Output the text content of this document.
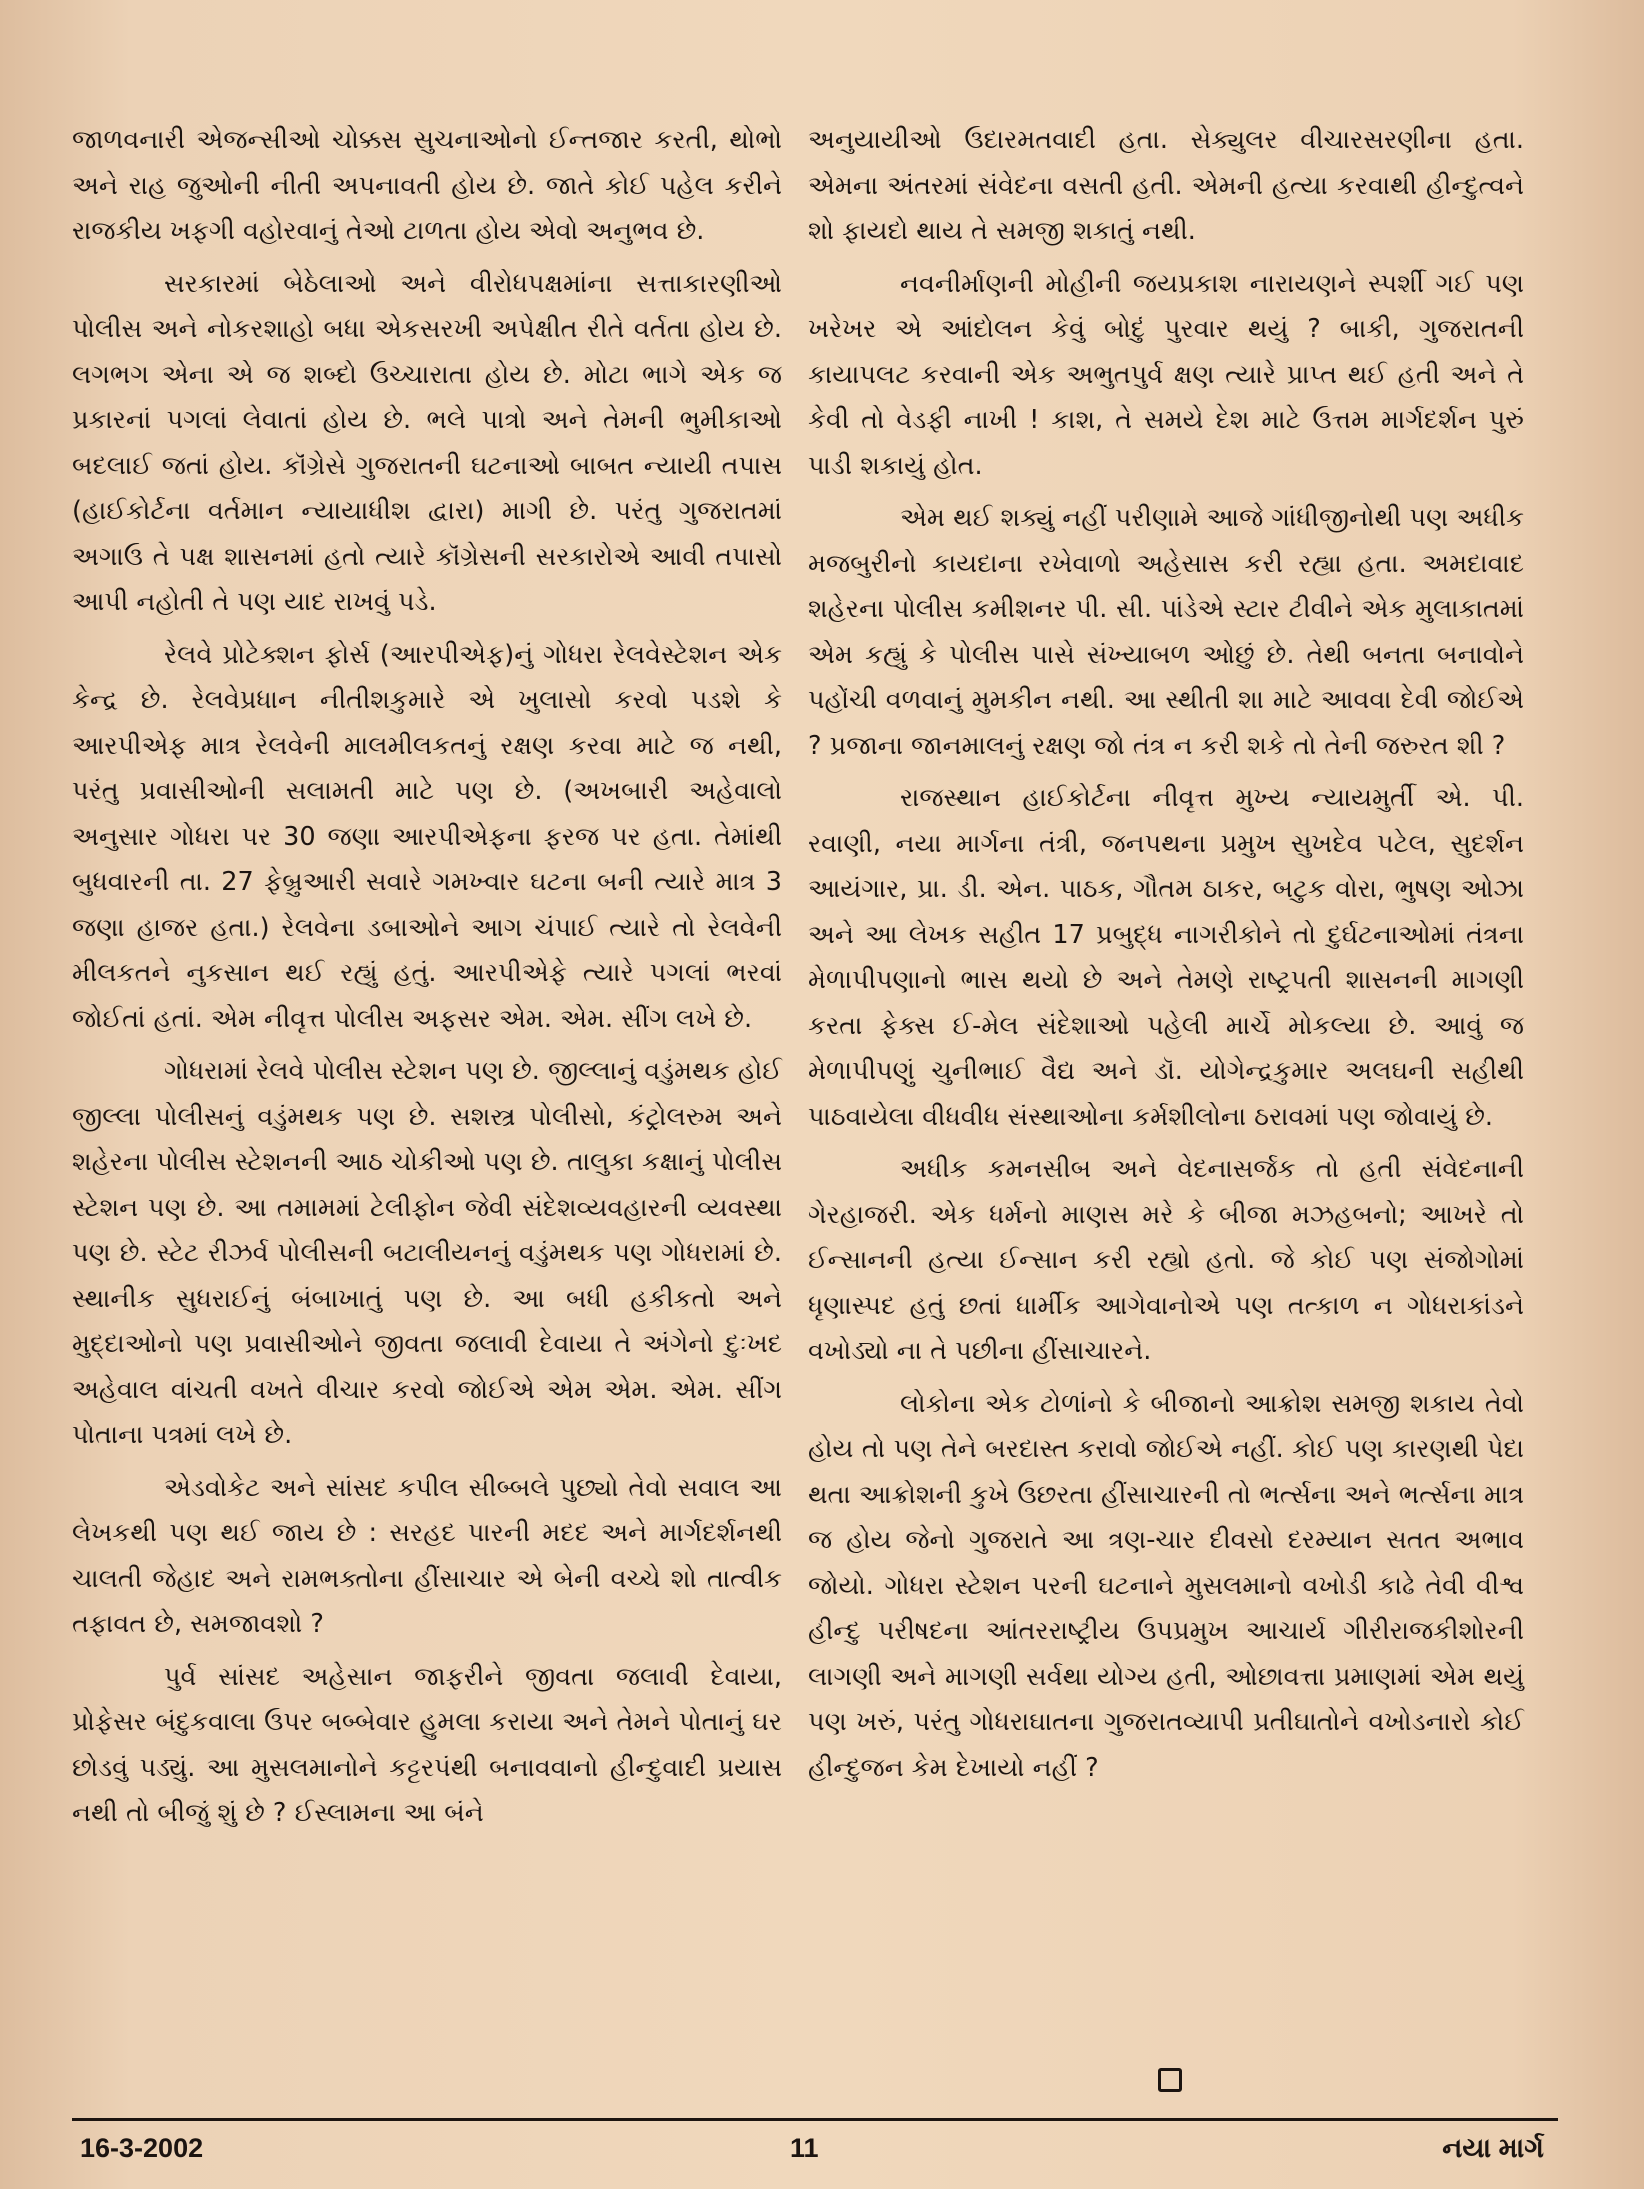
જાળવનારી એજન્સીઓ ચોક્કસ સુચનાઓનો ઈન્તજાર કરતી, થોભો અને રાહ જુઓની નીતી અપનાવતી હોય છે. જાતે કોઈ પહેલ કરીને રાજકીય ખફગી વહોરવાનું તેઓ ટાળતા હોય એવો અનુભવ છે.

સરકારમાં બેઠેલાઓ અને વીરોધપક્ષમાંના સત્તાકારણીઓ પોલીસ અને નોકરશાહો બધા એકસરખી અપેક્ષીત રીતે વર્તતા હોય છે. લગભગ એના એ જ શબ્દો ઉચ્ચારાતા હોય છે. મોટા ભાગે એક જ પ્રકારનાં પગલાં લેવાતાં હોય છે. ભલે પાત્રો અને તેમની ભુમીકાઓ બદલાઈ જતાં હોય. કૉંગ્રેસે ગુજરાતની ઘટનાઓ બાબત ન્યાયી તપાસ (હાઈકોર્ટના વર્તમાન ન્યાયાધીશ દ્વારા) માગી છે. પરંતુ ગુજરાતમાં અગાઉ તે પક્ષ શાસનમાં હતો ત્યારે કૉંગ્રેસની સરકારોએ આવી તપાસો આપી નહોતી તે પણ યાદ રાખવું પડે.

રેલવે પ્રોટેક્શન ફોર્સ (આરપીએફ)નું ગોધરા રેલવેસ્ટેશન એક કેન્દ્ર છે. રેલવેપ્રધાન નીતીશકુમારે એ ખુલાસો કરવો પડશે કે આરપીએફ માત્ર રેલવેની માલમીલકતનું રક્ષણ કરવા માટે જ નથી, પરંતુ પ્રવાસીઓની સલામતી માટે પણ છે. (અખબારી અહેવાલો અનુસાર ગોધરા પર 30 જણા આરપીએફના ફરજ પર હતા. તેમાંથી બુધવારની તા. 27 ફેબ્રુઆરી સવારે ગમખ્વાર ઘટના બની ત્યારે માત્ર 3 જણા હાજર હતા.) રેલવેના ડબાઓને આગ ચંપાઈ ત્યારે તો રેલવેની મીલકતને નુકસાન થઈ રહ્યું હતું. આરપીએફે ત્યારે પગલાં ભરવાં જોઈતાં હતાં. એમ નીવૃત્ત પોલીસ અફસર એમ. એમ. સીંગ લખે છે.

ગોધરામાં રેલવે પોલીસ સ્ટેશન પણ છે. જીલ્લાનું વડુંમથક હોઈ જીલ્લા પોલીસનું વડુંમથક પણ છે. સશસ્ત્ર પોલીસો, કંટ્રોલરુમ અને શહેરના પોલીસ સ્ટેશનની આઠ ચોકીઓ પણ છે. તાલુકા કક્ષાનું પોલીસ સ્ટેશન પણ છે. આ તમામમાં ટેલીફોન જેવી સંદેશવ્યવહારની વ્યવસ્થા પણ છે. સ્ટેટ રીઝર્વ પોલીસની બટાલીયનનું વડુંમથક પણ ગોધરામાં છે. સ્થાનીક સુધરાઈનું બંબાખાતું પણ છે. આ બધી હકીકતો અને મુદ્દાઓનો પણ પ્રવાસીઓને જીવતા જલાવી દેવાયા તે અંગેનો દુઃખદ અહેવાલ વાંચતી વખતે વીચાર કરવો જોઈએ એમ એમ. એમ. સીંગ પોતાના પત્રમાં લખે છે.

એડવોકેટ અને સાંસદ કપીલ સીબ્બલે પુછ્યો તેવો સવાલ આ લેખકથી પણ થઈ જાય છે : સરહદ પારની મદદ અને માર્ગદર્શનથી ચાલતી જેહાદ અને રામભક્તોના હીંસાચાર એ બેની વચ્ચે શો તાત્વીક તફાવત છે, સમજાવશો ?

પુર્વ સાંસદ અહેસાન જાફરીને જીવતા જલાવી દેવાયા, પ્રોફેસર બંદુકવાલા ઉપર બબ્બેવાર હુમલા કરાયા અને તેમને પોતાનું ઘર છોડવું પડ્યું. આ મુસલમાનોને કટ્ટરપંથી બનાવવાનો હીન્દુવાદી પ્રયાસ નથી તો બીજું શું છે ? ઈસ્લામના આ બંને

અનુયાયીઓ ઉદારમતવાદી હતા. સેક્યુલર વીચારસરણીના હતા. એમના અંતરમાં સંવેદના વસતી હતી. એમની હત્યા કરવાથી હીન્દુત્વને શો ફાયદો થાય તે સમજી શકાતું નથી.

નવનીર્માણની મોહીની જયપ્રકાશ નારાયણને સ્પર્શી ગઈ પણ ખરેખર એ આંદોલન કેવું બોદું પુરવાર થયું ? બાકી, ગુજરાતની કાયાપલટ કરવાની એક અભુતપુર્વ ક્ષણ ત્યારે પ્રાપ્ત થઈ હતી અને તે કેવી તો વેડફી નાખી ! કાશ, તે સમયે દેશ માટે ઉત્તમ માર્ગદર્શન પુરું પાડી શકાયું હોત.

એમ થઈ શક્યું નહીં પરીણામે આજે ગાંધીજીનોથી પણ અધીક મજબુરીનો કાયદાના રખેવાળો અહેસાસ કરી રહ્યા હતા. અમદાવાદ શહેરના પોલીસ કમીશનર પી. સી. પાંડેએ સ્ટાર ટીવીને એક મુલાકાતમાં એમ કહ્યું કે પોલીસ પાસે સંખ્યાબળ ઓછું છે. તેથી બનતા બનાવોને પહોંચી વળવાનું મુમકીન નથી. આ સ્થીતી શા માટે આવવા દેવી જોઈએ ? પ્રજાના જાનમાલનું રક્ષણ જો તંત્ર ન કરી શકે તો તેની જરુરત શી ?

રાજસ્થાન હાઈકોર્ટના નીવૃત્ત મુખ્ય ન્યાયમુર્તી એ. પી. રવાણી, નયા માર્ગના તંત્રી, જનપથના પ્રમુખ સુખદેવ પટેલ, સુદર્શન આયંગાર, પ્રા. ડી. એન. પાઠક, ગૌતમ ઠાકર, બટુક વોરા, ભુષણ ઓઝા અને આ લેખક સહીત 17 પ્રબુદ્ધ નાગરીકોને તો દુર્ઘટનાઓમાં તંત્રના મેળાપીપણાનો ભાસ થયો છે અને તેમણે રાષ્ટ્રપતી શાસનની માગણી કરતા ફેક્સ ઈ-મેલ સંદેશાઓ પહેલી માર્ચે મોકલ્યા છે. આવું જ મેળાપીપણું ચુનીભાઈ વૈદ્ય અને ડૉ. યોગેન્દ્રકુમાર અલઘની સહીથી પાઠવાયેલા વીધવીધ સંસ્થાઓના કર્મશીલોના ઠરાવમાં પણ જોવાયું છે.

અધીક કમનસીબ અને વેદનાસર્જક તો હતી સંવેદનાની ગેરહાજરી. એક ધર્મનો માણસ મરે કે બીજા મઝહબનો; આખરે તો ઈન્સાનની હત્યા ઈન્સાન કરી રહ્યો હતો. જે કોઈ પણ સંજોગોમાં ધૃણાસ્પદ હતું છતાં ધાર્મીક આગેવાનોએ પણ તત્કાળ ન ગોધરાકાંડને વખોડ્યો ના તે પછીના હીંસાચારને.

લોકોના એક ટોળાંનો કે બીજાનો આક્રોશ સમજી શકાય તેવો હોય તો પણ તેને બરદાસ્ત કરાવો જોઈએ નહીં. કોઈ પણ કારણથી પેદા થતા આક્રોશની કુખે ઉછરતા હીંસાચારની તો ભર્ત્સના અને ભર્ત્સના માત્ર જ હોય જેનો ગુજરાતે આ ત્રણ-ચાર દીવસો દરમ્યાન સતત અભાવ જોયો. ગોધરા સ્ટેશન પરની ઘટનાને મુસલમાનો વખોડી કાઢે તેવી વીશ્વ હીન્દુ પરીષદના આંતરરાષ્ટ્રીય ઉપપ્રમુખ આચાર્ય ગીરીરાજકીશોરની લાગણી અને માગણી સર્વથા યોગ્ય હતી, ઓછાવત્તા પ્રમાણમાં એમ થયું પણ ખરું, પરંતુ ગોધરાઘાતના ગુજરાતવ્યાપી પ્રતીઘાતોને વખોડનારો કોઈ હીન્દુજન કેમ દેખાયો નહીં ?

16-3-2002	11	નયા માર્ગ
